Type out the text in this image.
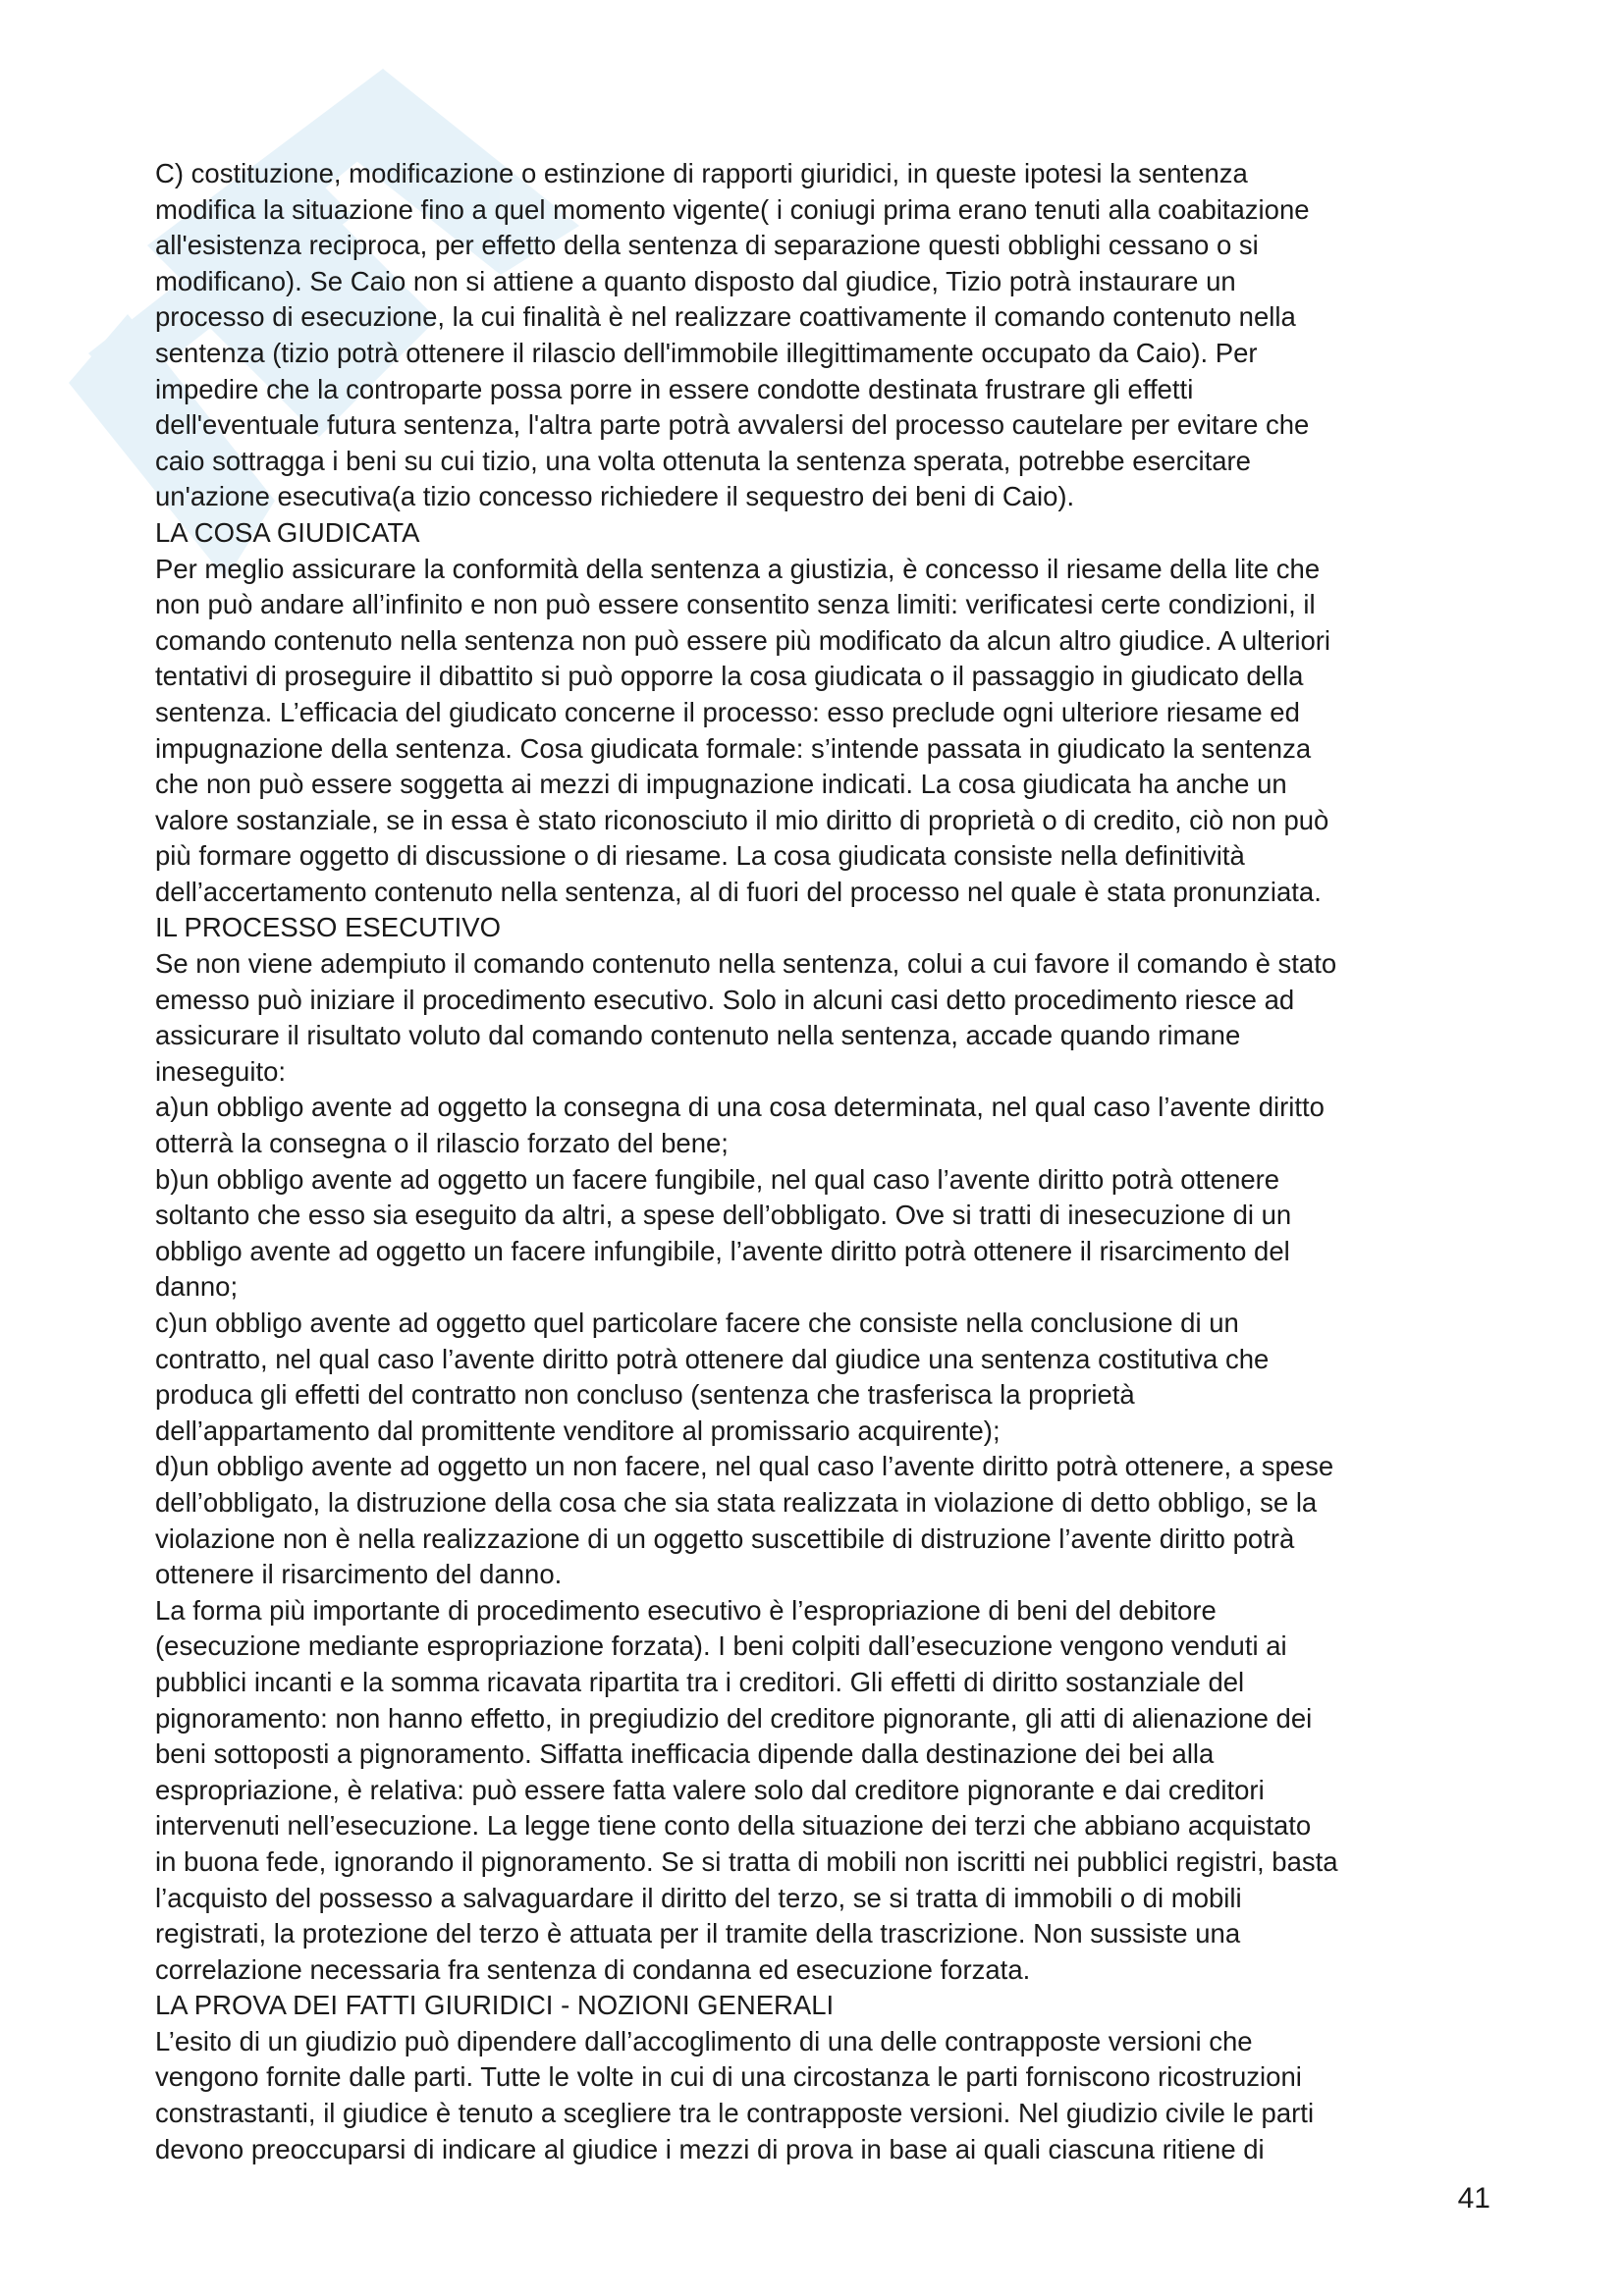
C) costituzione, modificazione o estinzione di rapporti giuridici, in queste ipotesi la sentenza
modifica la situazione fino a quel momento vigente( i coniugi prima erano tenuti alla coabitazione
all'esistenza reciproca, per effetto della sentenza di separazione questi obblighi cessano o si
modificano). Se Caio non si attiene a quanto disposto dal giudice, Tizio potrà instaurare un
processo di esecuzione, la cui finalità è nel realizzare coattivamente il comando contenuto nella
sentenza (tizio potrà ottenere il rilascio dell'immobile illegittimamente occupato da Caio). Per
impedire che la controparte possa porre in essere condotte destinata frustrare gli effetti
dell'eventuale futura sentenza, l'altra parte potrà avvalersi del processo cautelare per evitare che
caio sottragga i beni su cui tizio, una volta ottenuta la sentenza sperata, potrebbe esercitare
un'azione esecutiva(a tizio concesso richiedere il sequestro dei beni di Caio).
LA COSA GIUDICATA
Per meglio assicurare la conformità della sentenza a giustizia, è concesso il riesame della lite che
non può andare all’infinito e non può essere consentito senza limiti: verificatesi certe condizioni, il
comando contenuto nella sentenza non può essere più modificato da alcun altro giudice. A ulteriori
tentativi di proseguire il dibattito si può opporre la cosa giudicata o il passaggio in giudicato della
sentenza. L’efficacia del giudicato concerne il processo: esso preclude ogni ulteriore riesame ed
impugnazione della sentenza. Cosa giudicata formale: s’intende passata in giudicato la sentenza
che non può essere soggetta ai mezzi di impugnazione indicati. La cosa giudicata ha anche un
valore sostanziale, se in essa è stato riconosciuto il mio diritto di proprietà o di credito, ciò non può
più formare oggetto di discussione o di riesame. La cosa giudicata consiste nella definitività
dell’accertamento contenuto nella sentenza, al di fuori del processo nel quale è stata pronunziata.
IL PROCESSO ESECUTIVO
Se non viene adempiuto il comando contenuto nella sentenza, colui a cui favore il comando è stato
emesso può iniziare il procedimento esecutivo. Solo in alcuni casi detto procedimento riesce ad
assicurare il risultato voluto dal comando contenuto nella sentenza, accade quando rimane
ineseguito:
a)un obbligo avente ad oggetto la consegna di una cosa determinata, nel qual caso l’avente diritto
otterrà la consegna o il rilascio forzato del bene;
b)un obbligo avente ad oggetto un facere fungibile, nel qual caso l’avente diritto potrà ottenere
soltanto che esso sia eseguito da altri, a spese dell’obbligato. Ove si tratti di inesecuzione di un
obbligo avente ad oggetto un facere infungibile, l’avente diritto potrà ottenere il risarcimento del
danno;
c)un obbligo avente ad oggetto quel particolare facere che consiste nella conclusione di un
contratto, nel qual caso l’avente diritto potrà ottenere dal giudice una sentenza costitutiva che
produca gli effetti del contratto non concluso (sentenza che trasferisca la proprietà
dell’appartamento dal promittente venditore al promissario acquirente);
d)un obbligo avente ad oggetto un non facere, nel qual caso l’avente diritto potrà ottenere, a spese
dell’obbligato, la distruzione della cosa che sia stata realizzata in violazione di detto obbligo, se la
violazione non è nella realizzazione di un oggetto suscettibile di distruzione l’avente diritto potrà
ottenere il risarcimento del danno.
La forma più importante di procedimento esecutivo è l’espropriazione di beni del debitore
(esecuzione mediante espropriazione forzata). I beni colpiti dall’esecuzione vengono venduti ai
pubblici incanti e la somma ricavata ripartita tra i creditori. Gli effetti di diritto sostanziale del
pignoramento: non hanno effetto, in pregiudizio del creditore pignorante, gli atti di alienazione dei
beni sottoposti a pignoramento. Siffatta inefficacia dipende dalla destinazione dei bei alla
espropriazione, è relativa: può essere fatta valere solo dal creditore pignorante e dai creditori
intervenuti nell’esecuzione. La legge tiene conto della situazione dei terzi che abbiano acquistato
in buona fede, ignorando il pignoramento. Se si tratta di mobili non iscritti nei pubblici registri, basta
l’acquisto del possesso a salvaguardare il diritto del terzo, se si tratta di immobili o di mobili
registrati, la protezione del terzo è attuata per il tramite della trascrizione. Non sussiste una
correlazione necessaria fra sentenza di condanna ed esecuzione forzata.
LA PROVA DEI FATTI GIURIDICI - NOZIONI GENERALI
L’esito di un giudizio può dipendere dall’accoglimento di una delle contrapposte versioni che
vengono fornite dalle parti. Tutte le volte in cui di una circostanza le parti forniscono ricostruzioni
constrastanti, il giudice è tenuto a scegliere tra le contrapposte versioni. Nel giudizio civile le parti
devono preoccuparsi di indicare al giudice i mezzi di prova in base ai quali ciascuna ritiene di
41
